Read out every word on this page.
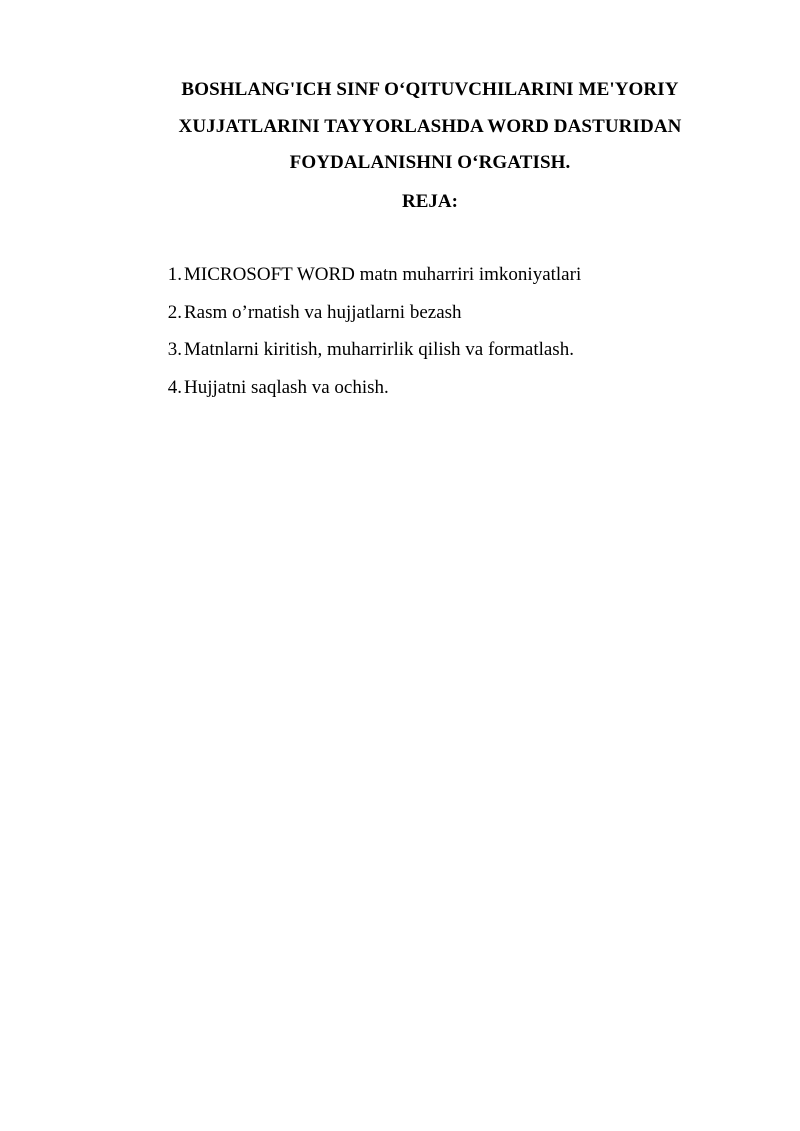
BOSHLANG'ICH SINF O‘QITUVCHILARINI ME'YORIY
XUJJATLARINI TAYYORLASHDA WORD DASTURIDAN
FOYDALANISHNI O‘RGATISH.
REJA:
1. MICROSOFT WORD matn muharriri imkoniyatlari
2. Rasm o’rnatish va hujjatlarni bezash
3. Matnlarni kiritish, muharrirlik qilish va formatlash.
4. Hujjatni saqlash va ochish.
